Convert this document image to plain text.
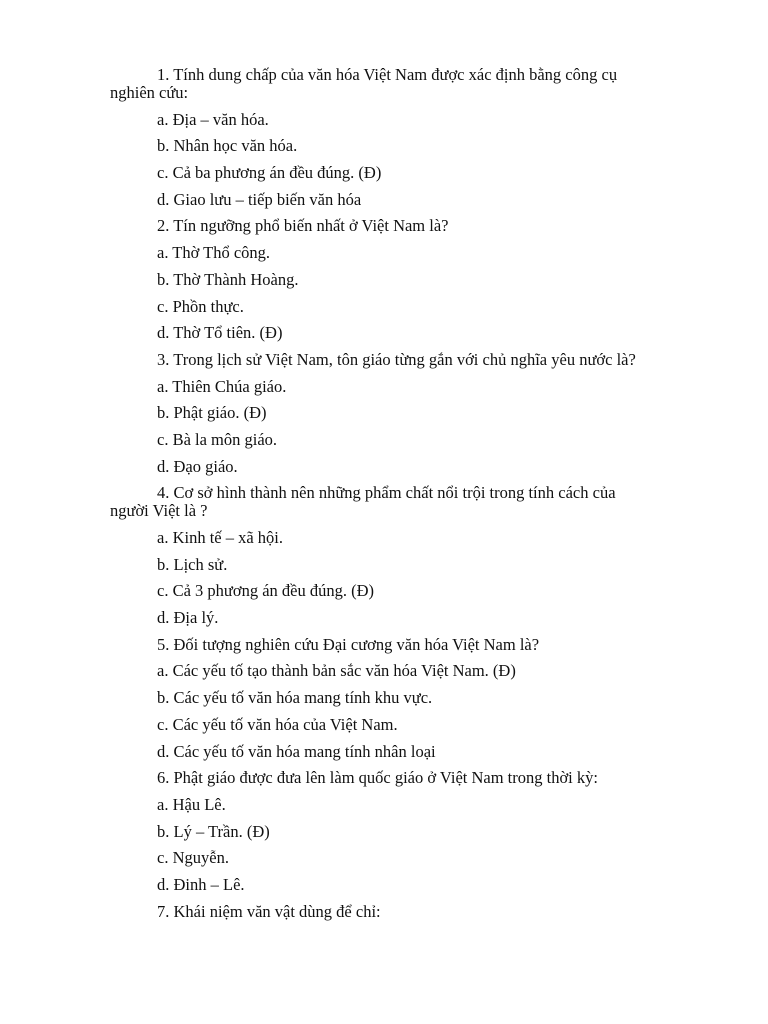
1. Tính dung chấp của văn hóa Việt Nam được xác định bằng công cụ
nghiên cứu:
a. Địa – văn hóa.
b. Nhân học văn hóa.
c. Cả ba phương án đều đúng. (Đ)
d. Giao lưu – tiếp biến văn hóa
2. Tín ngưỡng phổ biến nhất ở Việt Nam là?
a. Thờ Thổ công.
b. Thờ Thành Hoàng.
c. Phồn thực.
d. Thờ Tổ tiên. (Đ)
3. Trong lịch sử Việt Nam, tôn giáo từng gắn với chủ nghĩa yêu nước là?
a. Thiên Chúa giáo.
b. Phật giáo. (Đ)
c. Bà la môn giáo.
d. Đạo giáo.
4. Cơ sở hình thành nên những phẩm chất nổi trội trong tính cách của
người Việt là ?
a. Kinh tế – xã hội.
b. Lịch sử.
c. Cả 3 phương án đều đúng. (Đ)
d. Địa lý.
5. Đối tượng nghiên cứu Đại cương văn hóa Việt Nam là?
a. Các yếu tố tạo thành bản sắc văn hóa Việt Nam. (Đ)
b. Các yếu tố văn hóa mang tính khu vực.
c. Các yếu tố văn hóa của Việt Nam.
d. Các yếu tố văn hóa mang tính nhân loại
6. Phật giáo được đưa lên làm quốc giáo ở Việt Nam trong thời kỳ:
a. Hậu Lê.
b. Lý – Trần. (Đ)
c. Nguyễn.
d. Đinh – Lê.
7. Khái niệm văn vật dùng để chỉ:
